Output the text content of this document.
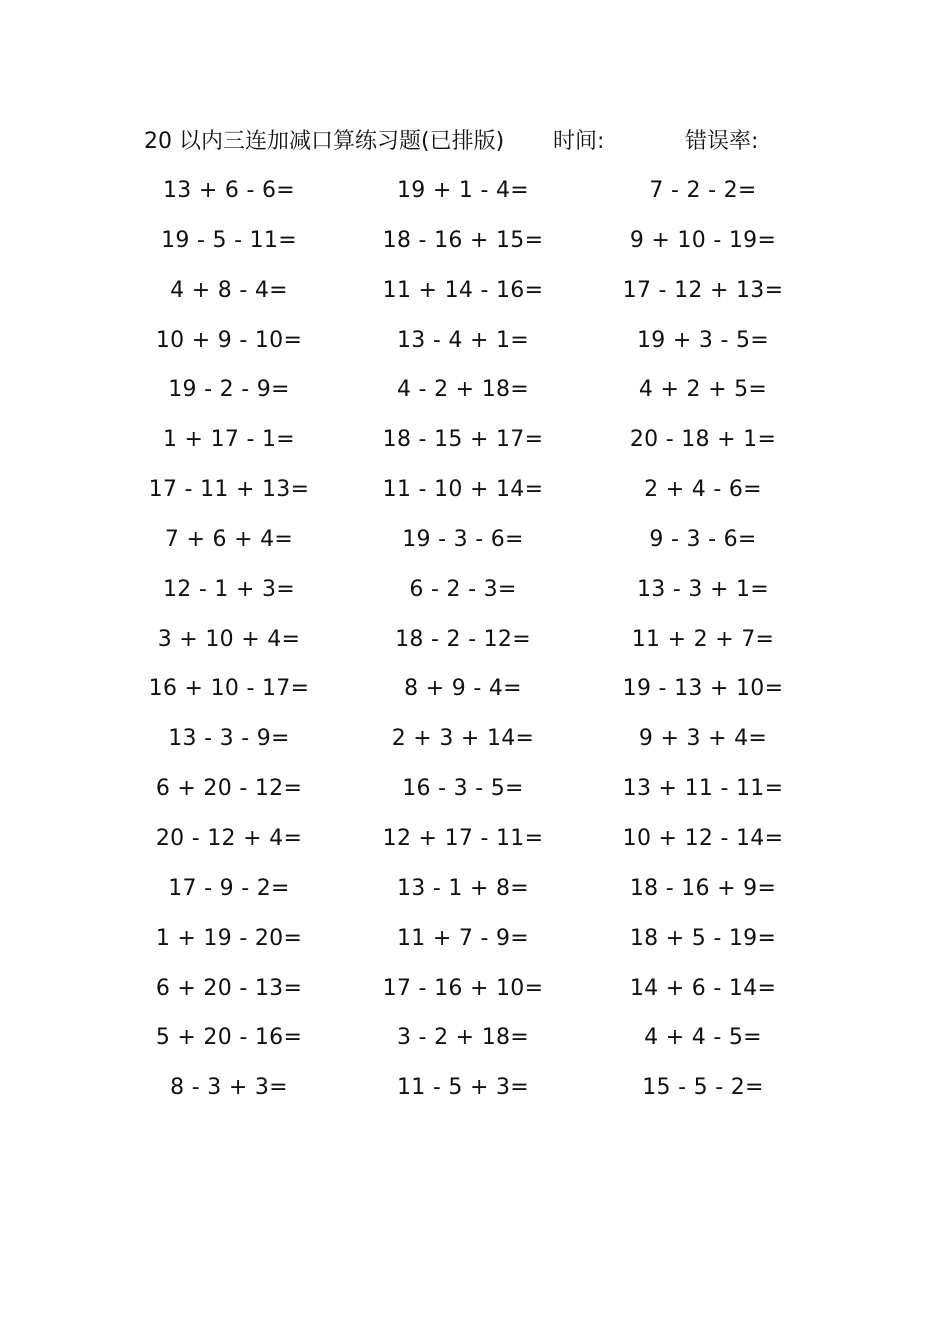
20 以内三连加减口算练习题(已排版) 时间:	错误率:
13 + 6 - 6=	19 + 1 - 4=	7 - 2 - 2=
19 - 5 - 11=	18 - 16 + 15=	9 + 10 - 19=
4 + 8 - 4=	11 + 14 - 16=	17 - 12 + 13=
10 + 9 - 10=	13 - 4 + 1=	19 + 3 - 5=
19 - 2 - 9=	4 - 2 + 18=	4 + 2 + 5=
1 + 17 - 1=	18 - 15 + 17=	20 - 18 + 1=
17 - 11 + 13=	11 - 10 + 14=	2 + 4 - 6=
7 + 6 + 4=	19 - 3 - 6=	9 - 3 - 6=
12 - 1 + 3=	6 - 2 - 3=	13 - 3 + 1=
3 + 10 + 4=	18 - 2 - 12=	11 + 2 + 7=
16 + 10 - 17=	8 + 9 - 4=	19 - 13 + 10=
13 - 3 - 9=	2 + 3 + 14=	9 + 3 + 4=
6 + 20 - 12=	16 - 3 - 5=	13 + 11 - 11=
20 - 12 + 4=	12 + 17 - 11=	10 + 12 - 14=
17 - 9 - 2=	13 - 1 + 8=	18 - 16 + 9=
1 + 19 - 20=	11 + 7 - 9=	18 + 5 - 19=
6 + 20 - 13=	17 - 16 + 10=	14 + 6 - 14=
5 + 20 - 16=	3 - 2 + 18=	4 + 4 - 5=
8 - 3 + 3=	11 - 5 + 3=	15 - 5 - 2=
